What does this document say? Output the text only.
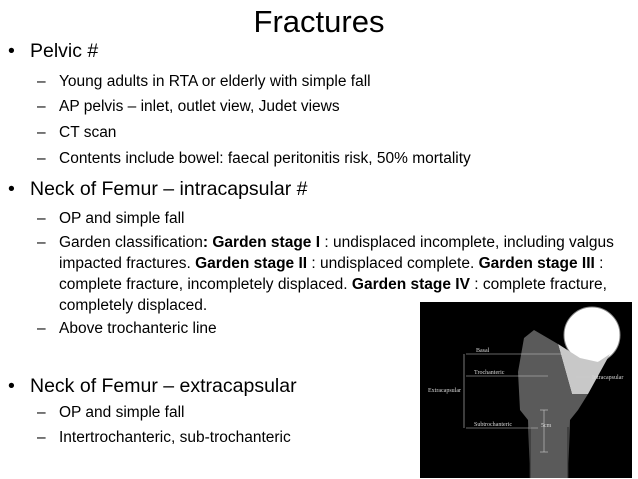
Fractures
• Pelvic #
– Young adults in RTA or elderly with simple fall
– AP pelvis – inlet, outlet view, Judet views
– CT scan
– Contents include bowel: faecal peritonitis risk, 50% mortality
• Neck of Femur – intracapsular #
– OP and simple fall
– Garden classification: Garden stage I : undisplaced incomplete, including valgus impacted fractures. Garden stage II : undisplaced complete. Garden stage III : complete fracture, incompletely displaced. Garden stage IV : complete fracture, completely displaced.
– Above trochanteric line
• Neck of Femur – extracapsular
– OP and simple fall
– Intertrochanteric, sub-trochanteric
Basal
Trochanteric
Intracapsular
Extracapsular
Subtrochanteric	5cm
